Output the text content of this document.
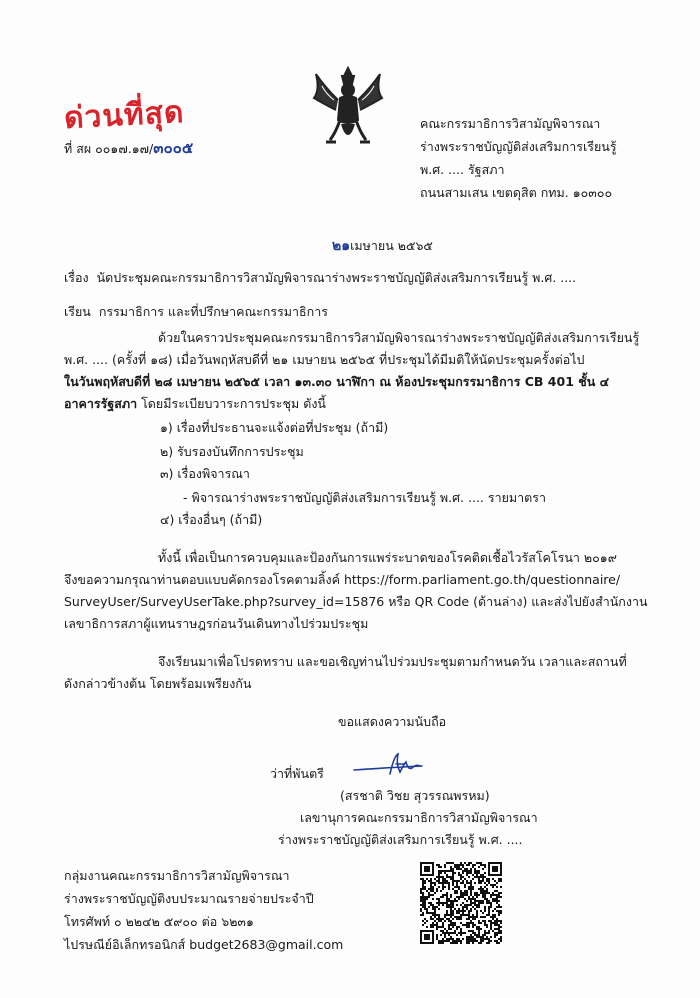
ด่วนที่สุด
ที่ สผ ๐๐๑๗.๑๗/๓๐๐๕
คณะกรรมาธิการวิสามัญพิจารณา
ร่างพระราชบัญญัติส่งเสริมการเรียนรู้
พ.ศ. .... รัฐสภา
ถนนสามเสน เขตดุสิต กทม. ๑๐๓๐๐
๒๑เมษายน ๒๕๖๕
เรื่อง นัดประชุมคณะกรรมาธิการวิสามัญพิจารณาร่างพระราชบัญญัติส่งเสริมการเรียนรู้ พ.ศ. ....
เรียน กรรมาธิการ และที่ปรึกษาคณะกรรมาธิการ
ด้วยในคราวประชุมคณะกรรมาธิการวิสามัญพิจารณาร่างพระราชบัญญัติส่งเสริมการเรียนรู้
พ.ศ. .... (ครั้งที่ ๑๘) เมื่อวันพฤหัสบดีที่ ๒๑ เมษายน ๒๕๖๕ ที่ประชุมได้มีมติให้นัดประชุมครั้งต่อไป
ในวันพฤหัสบดีที่ ๒๘ เมษายน ๒๕๖๕ เวลา ๑๓.๓๐ นาฬิกา ณ ห้องประชุมกรรมาธิการ CB 401 ชั้น ๔
อาคารรัฐสภา โดยมีระเบียบวาระการประชุม ดังนี้
๑) เรื่องที่ประธานจะแจ้งต่อที่ประชุม (ถ้ามี)
๒) รับรองบันทึกการประชุม
๓) เรื่องพิจารณา
- พิจารณาร่างพระราชบัญญัติส่งเสริมการเรียนรู้ พ.ศ. .... รายมาตรา
๔) เรื่องอื่นๆ (ถ้ามี)
ทั้งนี้ เพื่อเป็นการควบคุมและป้องกันการแพร่ระบาดของโรคติดเชื้อไวรัสโคโรนา ๒๐๑๙
จึงขอความกรุณาท่านตอบแบบคัดกรองโรคตามลิ้งค์ https://form.parliament.go.th/questionnaire/
SurveyUser/SurveyUserTake.php?survey_id=15876 หรือ QR Code (ด้านล่าง) และส่งไปยังสำนักงาน
เลขาธิการสภาผู้แทนราษฎรก่อนวันเดินทางไปร่วมประชุม
จึงเรียนมาเพื่อโปรดทราบ และขอเชิญท่านไปร่วมประชุมตามกำหนดวัน เวลาและสถานที่
ดังกล่าวข้างต้น โดยพร้อมเพรียงกัน
ขอแสดงความนับถือ
ว่าที่พันตรี
(สรชาติ วิชย สุวรรณพรหม)
เลขานุการคณะกรรมาธิการวิสามัญพิจารณา
ร่างพระราชบัญญัติส่งเสริมการเรียนรู้ พ.ศ. ....
กลุ่มงานคณะกรรมาธิการวิสามัญพิจารณา
ร่างพระราชบัญญัติงบประมาณรายจ่ายประจำปี
โทรศัพท์ ๐ ๒๒๔๒ ๕๙๐๐ ต่อ ๖๒๓๑
ไปรษณีย์อิเล็กทรอนิกส์ budget2683@gmail.com
